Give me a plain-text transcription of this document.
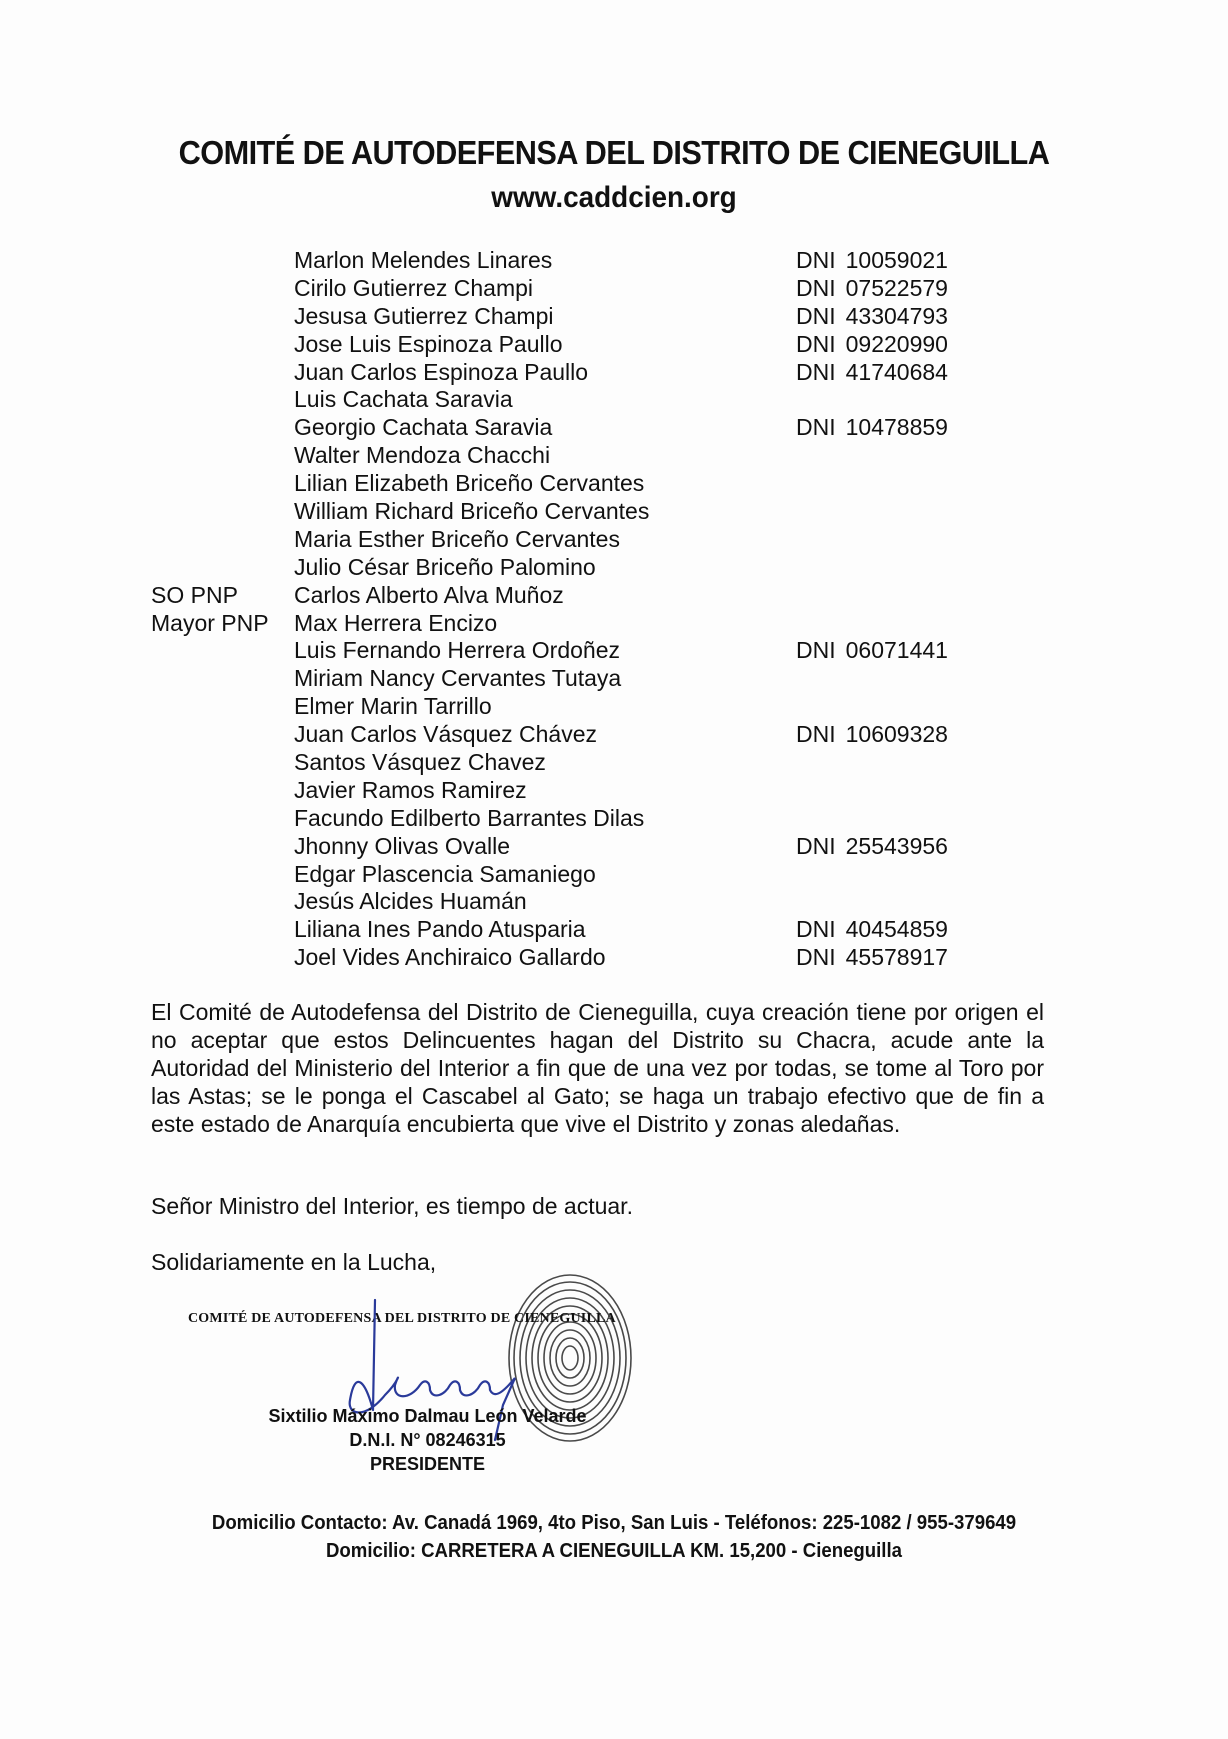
COMITÉ DE AUTODEFENSA DEL DISTRITO DE CIENEGUILLA
www.caddcien.org
Marlon Melendes Linares	DNI 10059021
Cirilo Gutierrez Champi	DNI 07522579
Jesusa Gutierrez Champi	DNI 43304793
Jose Luis Espinoza Paullo	DNI 09220990
Juan Carlos Espinoza Paullo	DNI 41740684
Luis Cachata Saravia
Georgio Cachata Saravia	DNI 10478859
Walter Mendoza Chacchi
Lilian Elizabeth Briceño Cervantes
William Richard Briceño Cervantes
Maria Esther Briceño Cervantes
Julio César Briceño Palomino
SO PNP Carlos Alberto Alva Muñoz
Mayor PNP Max Herrera Encizo
Luis Fernando Herrera Ordoñez	DNI 06071441
Miriam Nancy Cervantes Tutaya
Elmer Marin Tarrillo
Juan Carlos Vásquez Chávez	DNI 10609328
Santos Vásquez Chavez
Javier Ramos Ramirez
Facundo Edilberto Barrantes Dilas
Jhonny Olivas Ovalle	DNI 25543956
Edgar Plascencia Samaniego
Jesús Alcides Huamán
Liliana Ines Pando Atusparia	DNI 40454859
Joel Vides Anchiraico Gallardo	DNI 45578917
El Comité de Autodefensa del Distrito de Cieneguilla, cuya creación tiene por origen el no aceptar que estos Delincuentes hagan del Distrito su Chacra, acude ante la Autoridad del Ministerio del Interior a fin que de una vez por todas, se tome al Toro por las Astas; se le ponga el Cascabel al Gato; se haga un trabajo efectivo que de fin a este estado de Anarquía encubierta que vive el Distrito y zonas aledañas.
Señor Ministro del Interior, es tiempo de actuar.
Solidariamente en la Lucha,
COMITÉ DE AUTODEFENSA DEL DISTRITO DE CIENEGUILLA
Sixtilio Máximo Dalmau León Velarde
D.N.I. N° 08246315
PRESIDENTE
Domicilio Contacto: Av. Canadá 1969, 4to Piso, San Luis - Teléfonos: 225-1082 / 955-379649
Domicilio: CARRETERA A CIENEGUILLA KM. 15,200 - Cieneguilla
